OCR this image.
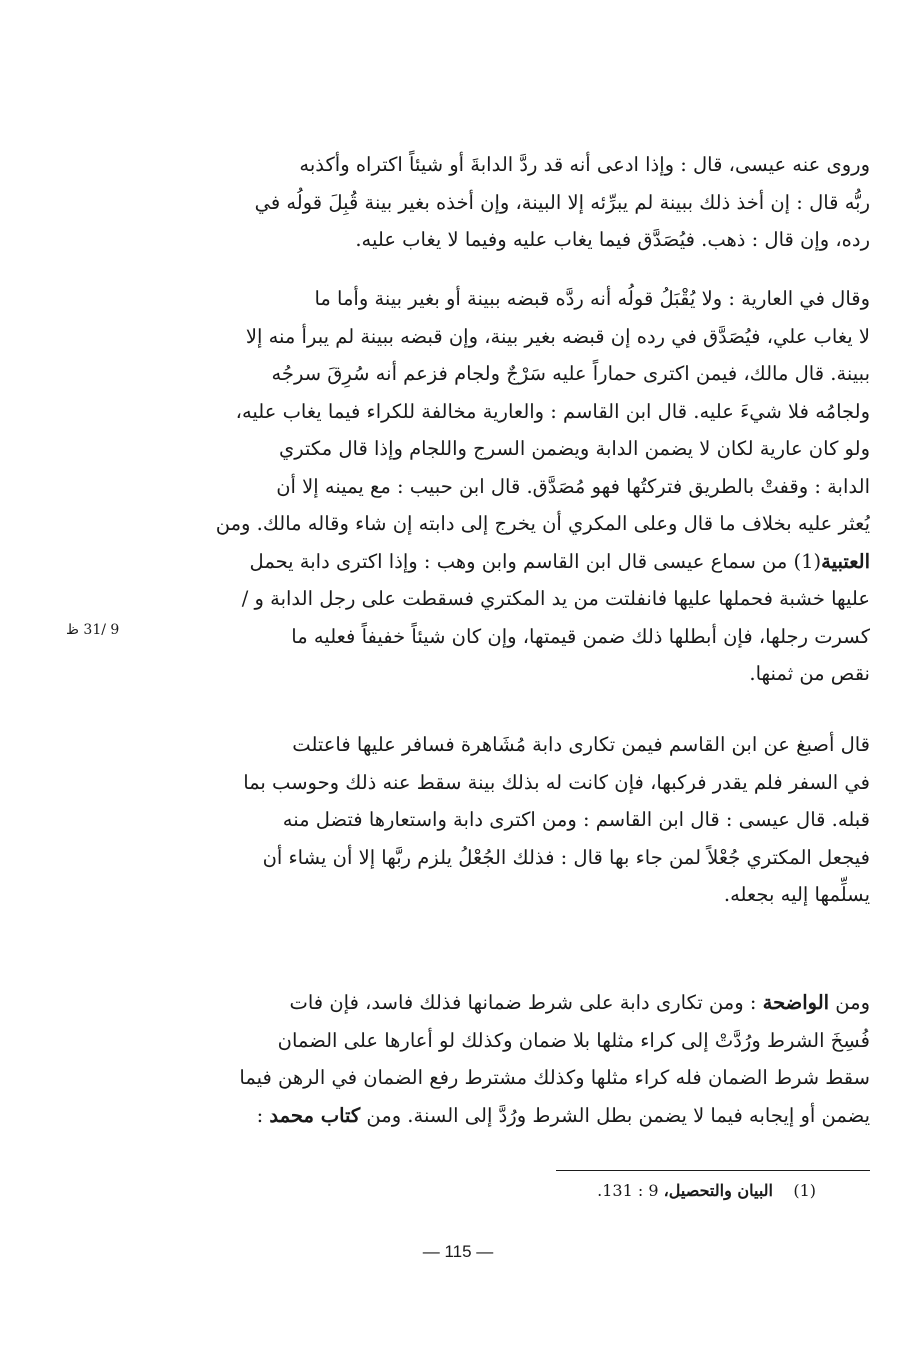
وروى عنه عيسى، قال : وإذا ادعى أنه قد ردَّ الدابةَ أو شيئاً اكتراه وأكذبه
ربُّه قال : إن أخذ ذلك ببينة لم يبرِّئه إلا البينة، وإن أخذه بغير بينة قُبِلَ قولُه في
رده، وإن قال : ذهب. فيُصَدَّق فيما يغاب عليه وفيما لا يغاب عليه.
وقال في العارية : ولا يُقْبَلُ قولُه أنه ردَّه قبضه ببينة أو بغير بينة وأما ما
لا يغاب علي، فيُصَدَّق في رده إن قبضه بغير بينة، وإن قبضه ببينة لم يبرأ منه إلا
ببينة. قال مالك، فيمن اكترى حماراً عليه سَرْجٌ ولجام فزعم أنه سُرِقَ سرجُه
ولجامُه فلا شيءَ عليه. قال ابن القاسم : والعارية مخالفة للكراء فيما يغاب عليه،
ولو كان عارية لكان لا يضمن الدابة ويضمن السرج واللجام وإذا قال مكتري
الدابة : وقفتْ بالطريق فتركتُها فهو مُصَدَّق. قال ابن حبيب : مع يمينه إلا أن
يُعثر عليه بخلاف ما قال وعلى المكري أن يخرج إلى دابته إن شاء وقاله مالك. ومن
العتبية(1) من سماع عيسى قال ابن القاسم وابن وهب : وإذا اكترى دابة يحمل
عليها خشبة فحملها عليها فانفلتت من يد المكتري فسقطت على رجل الدابة و /
كسرت رجلها، فإن أبطلها ذلك ضمن قيمتها، وإن كان شيئاً خفيفاً فعليه ما
نقص من ثمنها.
قال أصبغ عن ابن القاسم فيمن تكارى دابة مُشَاهرة فسافر عليها فاعتلت
في السفر فلم يقدر فركبها، فإن كانت له بذلك بينة سقط عنه ذلك وحوسب بما
قبله. قال عيسى : قال ابن القاسم : ومن اكترى دابة واستعارها فتضل منه
فيجعل المكتري جُعْلاً لمن جاء بها قال : فذلك الجُعْلُ يلزم ربَّها إلا أن يشاء أن
يسلِّمها إليه بجعله.
ومن الواضحة : ومن تكارى دابة على شرط ضمانها فذلك فاسد، فإن فات
فُسِخَ الشرط ورُدَّتْ إلى كراء مثلها بلا ضمان وكذلك لو أعارها على الضمان
سقط شرط الضمان فله كراء مثلها وكذلك مشترط رفع الضمان في الرهن فيما
يضمن أو إيجابه فيما لا يضمن بطل الشرط ورُدَّ إلى السنة. ومن كتاب محمد :
9 /31 ظ
(1)    البيان والتحصيل، 9 : 131.
— 115 —
